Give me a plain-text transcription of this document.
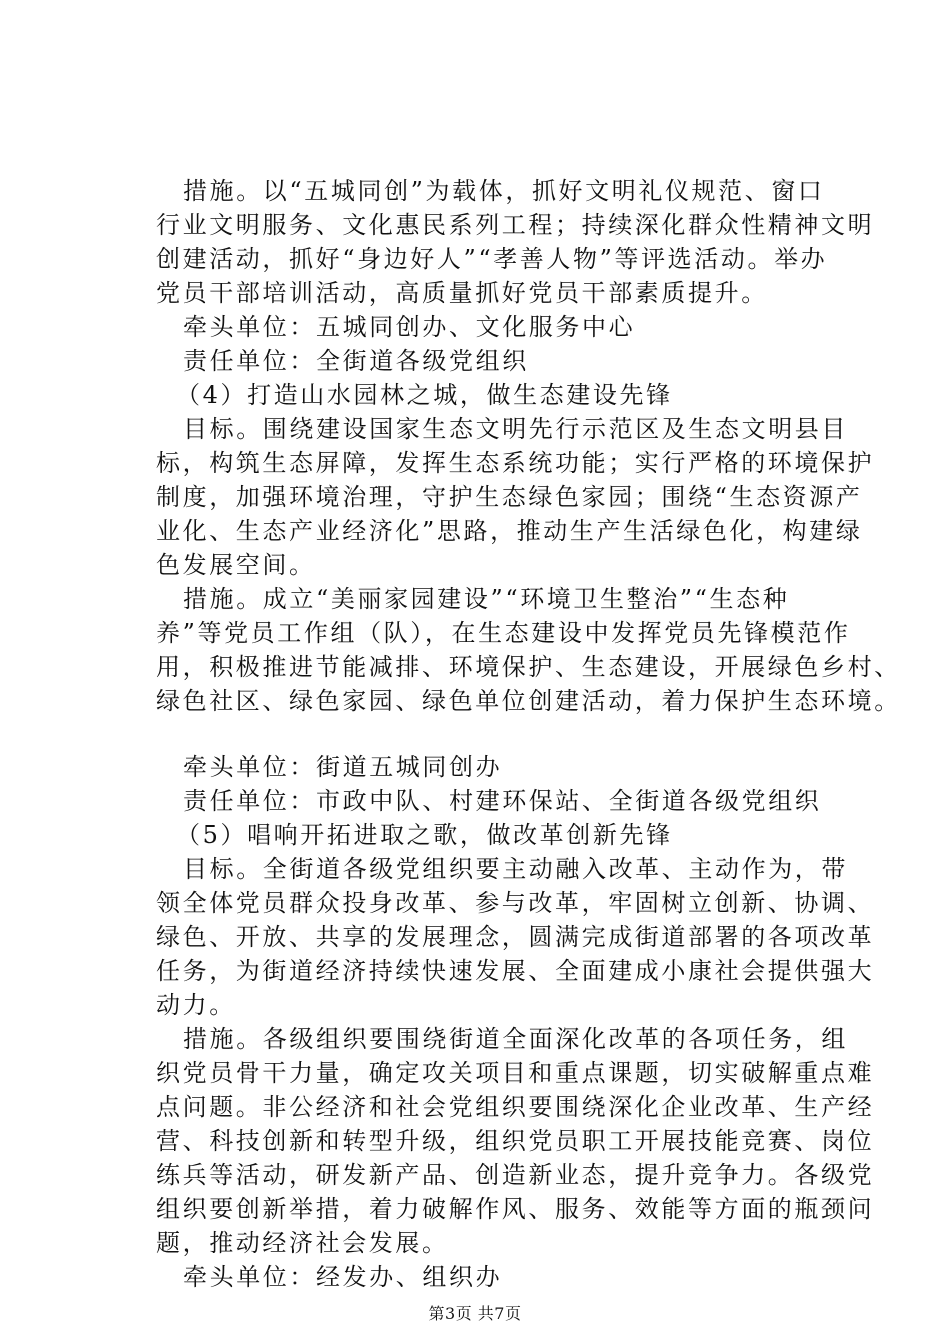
措施。以“五城同创”为载体，抓好文明礼仪规范、窗口
行业文明服务、文化惠民系列工程；持续深化群众性精神文明
创建活动，抓好“身边好人”“孝善人物”等评选活动。举办
党员干部培训活动，高质量抓好党员干部素质提升。
牵头单位：五城同创办、文化服务中心
责任单位：全街道各级党组织
（4）打造山水园林之城，做生态建设先锋
目标。围绕建设国家生态文明先行示范区及生态文明县目
标，构筑生态屏障，发挥生态系统功能；实行严格的环境保护
制度，加强环境治理，守护生态绿色家园；围绕“生态资源产
业化、生态产业经济化”思路，推动生产生活绿色化，构建绿
色发展空间。
措施。成立“美丽家园建设”“环境卫生整治”“生态种
养”等党员工作组（队），在生态建设中发挥党员先锋模范作
用，积极推进节能减排、环境保护、生态建设，开展绿色乡村、
绿色社区、绿色家园、绿色单位创建活动，着力保护生态环境。
牵头单位：街道五城同创办
责任单位：市政中队、村建环保站、全街道各级党组织
（5）唱响开拓进取之歌，做改革创新先锋
目标。全街道各级党组织要主动融入改革、主动作为，带
领全体党员群众投身改革、参与改革，牢固树立创新、协调、
绿色、开放、共享的发展理念，圆满完成街道部署的各项改革
任务，为街道经济持续快速发展、全面建成小康社会提供强大
动力。
措施。各级组织要围绕街道全面深化改革的各项任务，组
织党员骨干力量，确定攻关项目和重点课题，切实破解重点难
点问题。非公经济和社会党组织要围绕深化企业改革、生产经
营、科技创新和转型升级，组织党员职工开展技能竞赛、岗位
练兵等活动，研发新产品、创造新业态，提升竞争力。各级党
组织要创新举措，着力破解作风、服务、效能等方面的瓶颈问
题，推动经济社会发展。
牵头单位：经发办、组织办
第3页 共7页
